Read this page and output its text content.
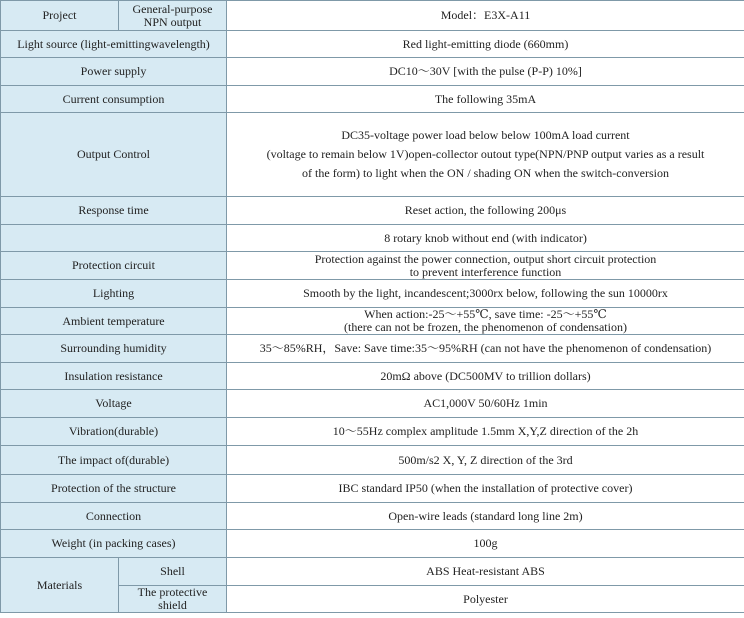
Project	General-purpose NPN output	Model：E3X-A11
Light source (light-emittingwavelength)		Red light-emitting diode (660mm)
Power supply		DC10～30V [with the pulse (P-P) 10%]
Current consumption		The following 35mA
Output Control		DC35-voltage power load below below 100mA load current
(voltage to remain below 1V)open-collector outout type(NPN/PNP output varies as a result
of the form) to light when the ON / shading ON when the switch-conversion

Response time		Reset action, the following 200μs
		8 rotary knob without end (with indicator)
Protection circuit		Protection against the power connection, output short circuit protection
to prevent interference function

Lighting		Smooth by the light, incandescent;3000rx below, following the sun 10000rx
Ambient temperature		When action:-25～+55℃, save time: -25～+55℃
(there can not be frozen, the phenomenon of condensation)

Surrounding humidity		35～85%RH，Save: Save time:35～95%RH (can not have the phenomenon of condensation)
Insulation resistance		20mΩ above (DC500MV to trillion dollars)
Voltage		AC1,000V 50/60Hz 1min
Vibration(durable)		10～55Hz complex amplitude 1.5mm X,Y,Z direction of the 2h
The impact of(durable)		500m/s2 X, Y, Z direction of the 3rd
Protection of the structure		IBC standard IP50 (when the installation of protective cover)
Connection		Open-wire leads (standard long line 2m)
Weight (in packing cases)		100g
Materials	Shell	ABS Heat-resistant ABS
	The protective shield	Polyester
